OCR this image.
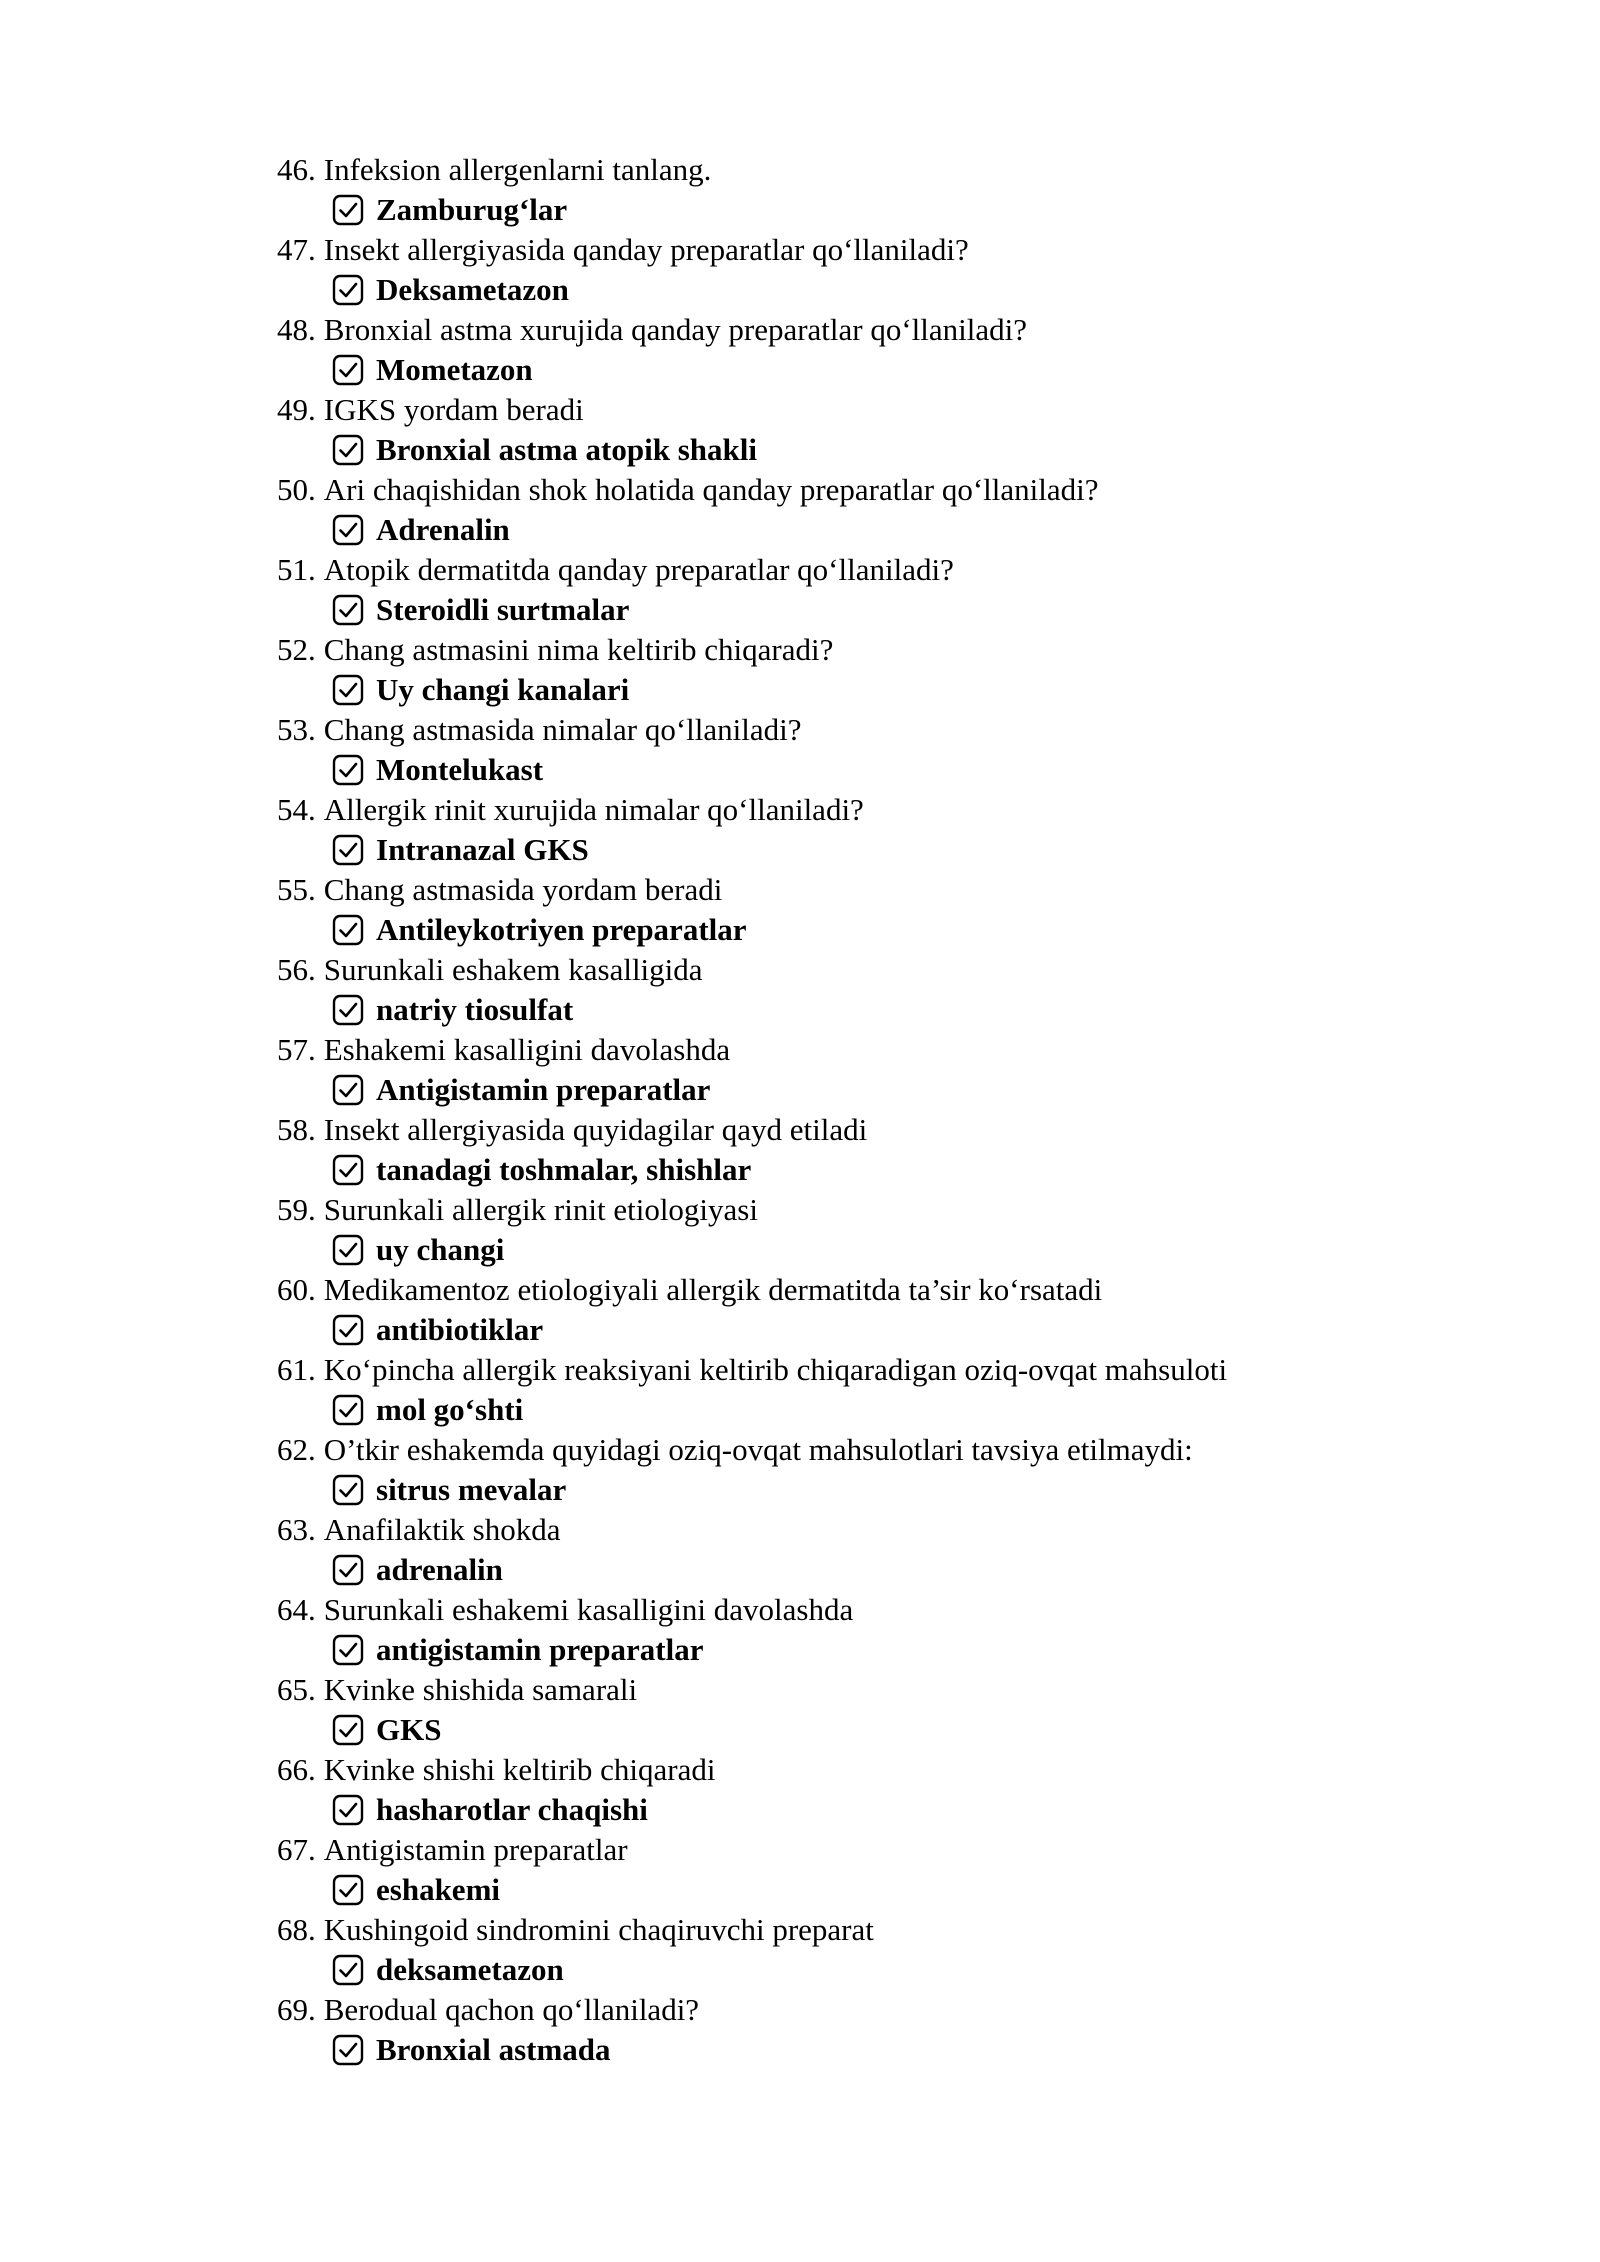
46. Infeksion allergenlarni tanlang.
Zamburug‘lar
47. Insekt allergiyasida qanday preparatlar qo‘llaniladi?
Deksametazon
48. Bronxial astma xurujida qanday preparatlar qo‘llaniladi?
Mometazon
49. IGKS yordam beradi
Bronxial astma atopik shakli
50. Ari chaqishidan shok holatida qanday preparatlar qo‘llaniladi?
Adrenalin
51. Atopik dermatitda qanday preparatlar qo‘llaniladi?
Steroidli surtmalar
52. Chang astmasini nima keltirib chiqaradi?
Uy changi kanalari
53. Chang astmasida nimalar qo‘llaniladi?
Montelukast
54. Allergik rinit xurujida nimalar qo‘llaniladi?
Intranazal GKS
55. Chang astmasida yordam beradi
Antileykotriyen preparatlar
56. Surunkali eshakem kasalligida
natriy tiosulfat
57. Eshakemi kasalligini davolashda
Antigistamin preparatlar
58. Insekt allergiyasida quyidagilar qayd etiladi
tanadagi toshmalar, shishlar
59. Surunkali allergik rinit etiologiyasi
uy changi
60. Medikamentoz etiologiyali allergik dermatitda ta’sir ko‘rsatadi
antibiotiklar
61. Ko‘pincha allergik reaksiyani keltirib chiqaradigan oziq-ovqat mahsuloti
mol go‘shti
62. O’tkir eshakemda quyidagi oziq-ovqat mahsulotlari tavsiya etilmaydi:
sitrus mevalar
63. Anafilaktik shokda
adrenalin
64. Surunkali eshakemi kasalligini davolashda
antigistamin preparatlar
65. Kvinke shishida samarali
GKS
66. Kvinke shishi keltirib chiqaradi
hasharotlar chaqishi
67. Antigistamin preparatlar
eshakemi
68. Kushingoid sindromini chaqiruvchi preparat
deksametazon
69. Berodual qachon qo‘llaniladi?
Bronxial astmada
